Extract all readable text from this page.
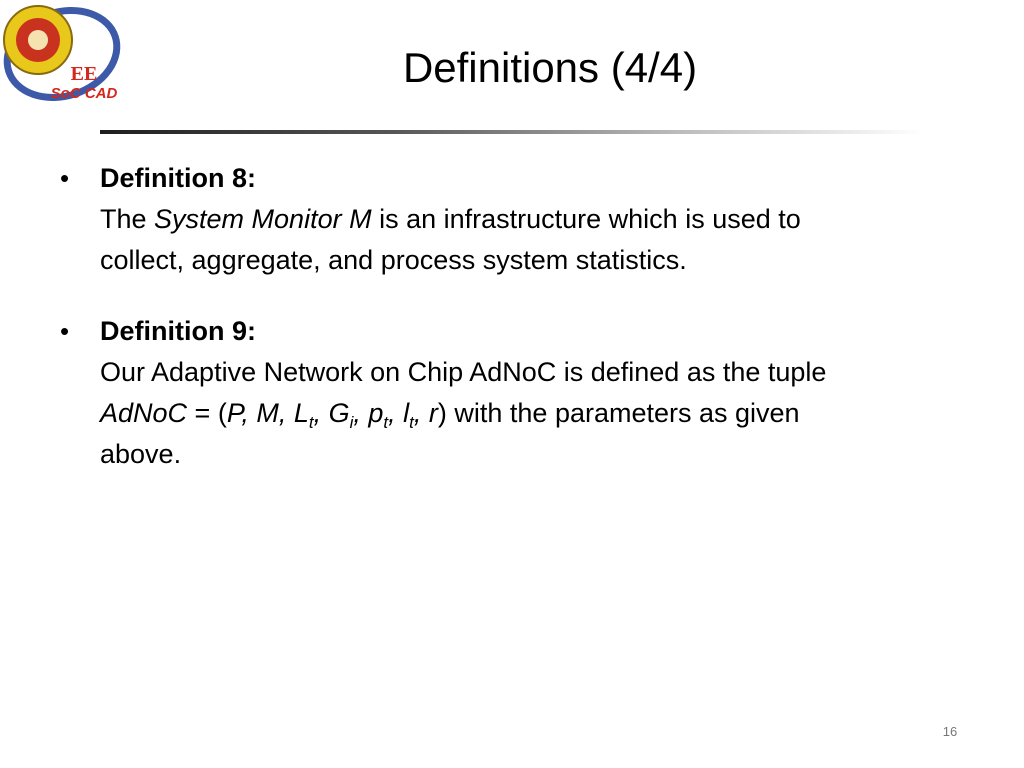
EE
SoC CAD
Definitions (4/4)
• Definition 8:
The System Monitor M is an infrastructure which is used to
collect, aggregate, and process system statistics.
• Definition 9:
Our Adaptive Network on Chip AdNoC is defined as the tuple
AdNoC = (P, M, $L_t$, $G_i$, $p_t$, $l_t$, r) with the parameters as given
above.
16
